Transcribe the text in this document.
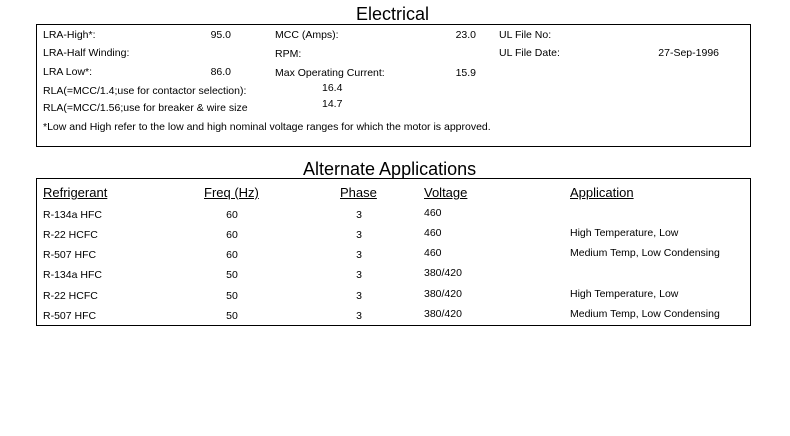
Electrical
LRA-High*:	95.0
LRA-Half Winding:
LRA Low*:	86.0
RLA(=MCC/1.4;use for contactor selection):	16.4
RLA(=MCC/1.56;use for breaker & wire size	14.7
MCC (Amps):	23.0
RPM:
Max Operating Current:	15.9
UL File No:
UL File Date:	27-Sep-1996
*Low and High refer to the low and high nominal voltage ranges for which the motor is approved.
Alternate Applications
Refrigerant	Freq (Hz)	Phase	Voltage	Application
R-134a HFC	60	3	460
R-22 HCFC	60	3	460	High Temperature, Low
R-507 HFC	60	3	460	Medium Temp, Low Condensing
R-134a HFC	50	3	380/420
R-22 HCFC	50	3	380/420	High Temperature, Low
R-507 HFC	50	3	380/420	Medium Temp, Low Condensing
